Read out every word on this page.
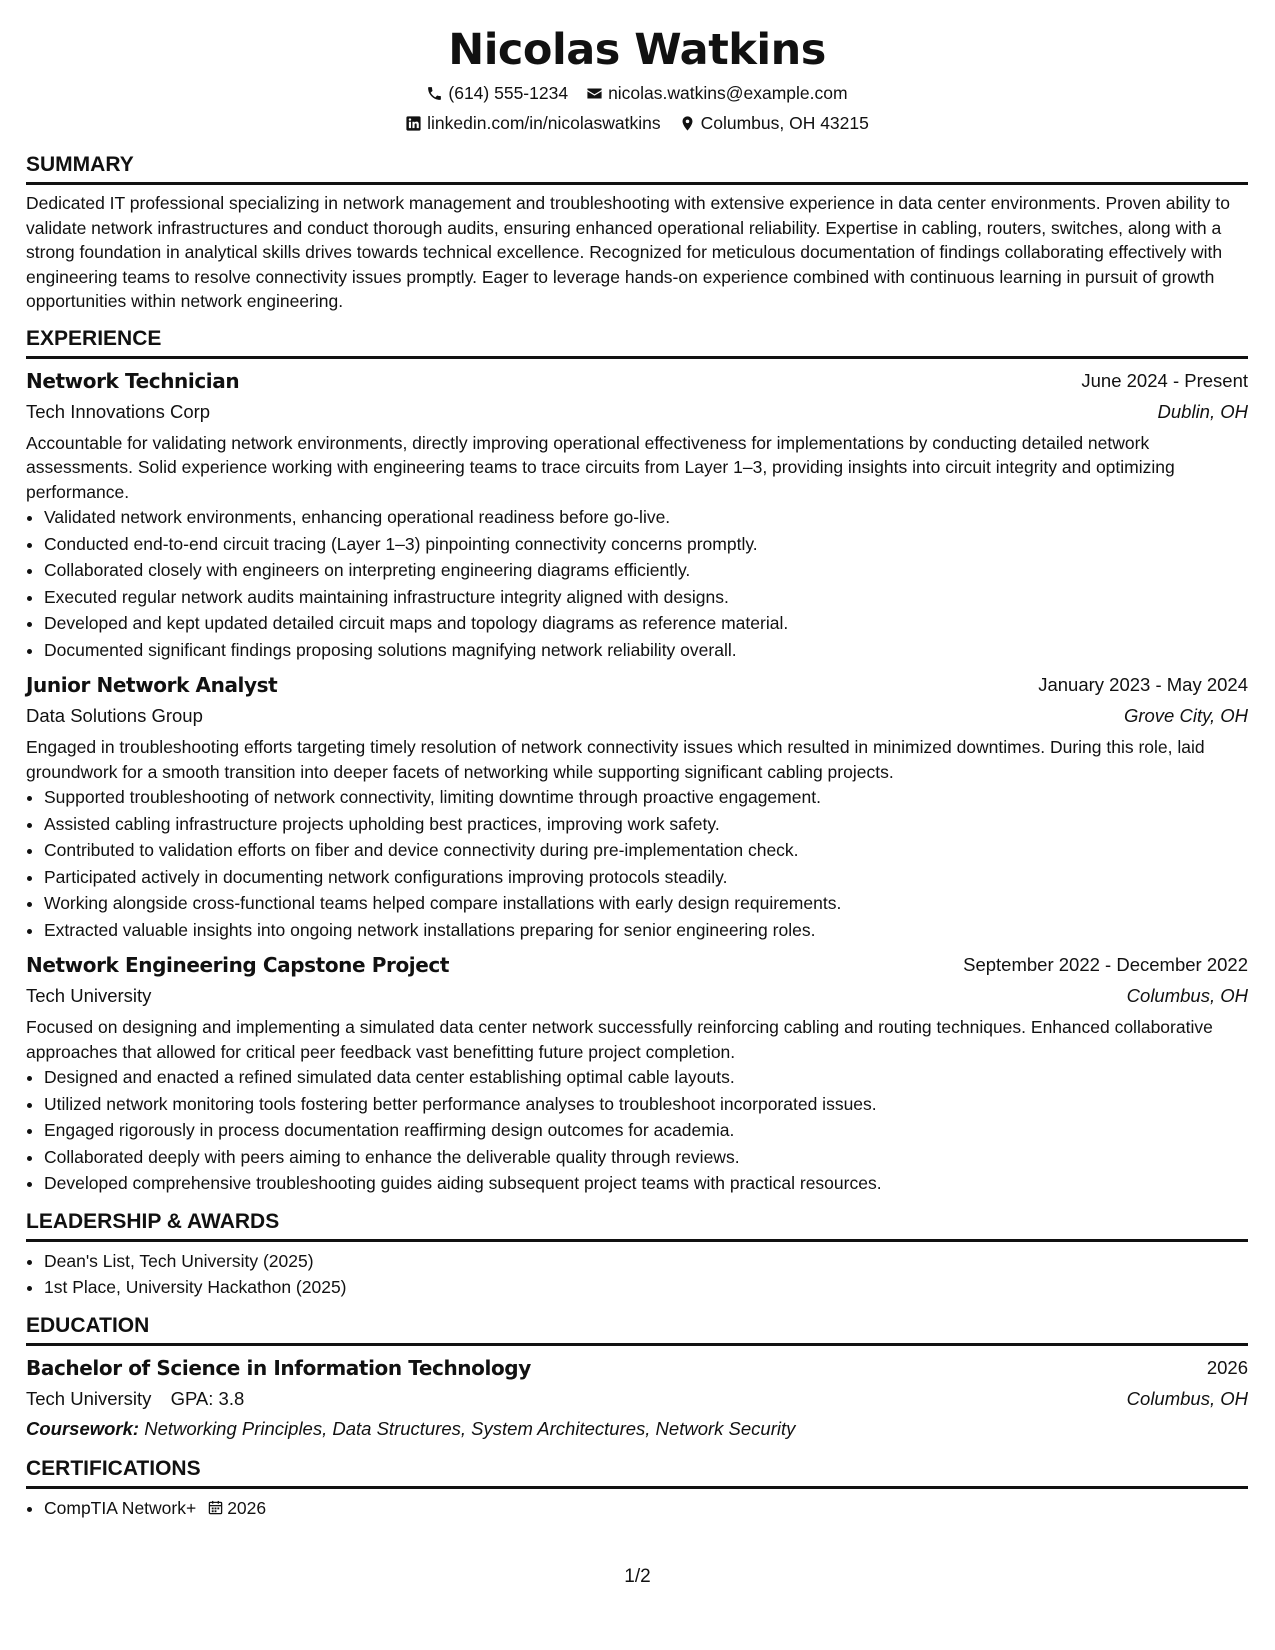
Nicolas Watkins
(614) 555-1234 nicolas.watkins@example.com
linkedin.com/in/nicolaswatkins Columbus, OH 43215
SUMMARY
Dedicated IT professional specializing in network management and troubleshooting with extensive experience in data center environments. Proven ability to validate network infrastructures and conduct thorough audits, ensuring enhanced operational reliability. Expertise in cabling, routers, switches, along with a strong foundation in analytical skills drives towards technical excellence. Recognized for meticulous documentation of findings collaborating effectively with engineering teams to resolve connectivity issues promptly. Eager to leverage hands-on experience combined with continuous learning in pursuit of growth opportunities within network engineering.
EXPERIENCE
Network Technician	June 2024 - Present
Tech Innovations Corp	Dublin, OH
Accountable for validating network environments, directly improving operational effectiveness for implementations by conducting detailed network assessments. Solid experience working with engineering teams to trace circuits from Layer 1–3, providing insights into circuit integrity and optimizing performance.
• Validated network environments, enhancing operational readiness before go-live.
• Conducted end-to-end circuit tracing (Layer 1–3) pinpointing connectivity concerns promptly.
• Collaborated closely with engineers on interpreting engineering diagrams efficiently.
• Executed regular network audits maintaining infrastructure integrity aligned with designs.
• Developed and kept updated detailed circuit maps and topology diagrams as reference material.
• Documented significant findings proposing solutions magnifying network reliability overall.
Junior Network Analyst	January 2023 - May 2024
Data Solutions Group	Grove City, OH
Engaged in troubleshooting efforts targeting timely resolution of network connectivity issues which resulted in minimized downtimes. During this role, laid groundwork for a smooth transition into deeper facets of networking while supporting significant cabling projects.
• Supported troubleshooting of network connectivity, limiting downtime through proactive engagement.
• Assisted cabling infrastructure projects upholding best practices, improving work safety.
• Contributed to validation efforts on fiber and device connectivity during pre-implementation check.
• Participated actively in documenting network configurations improving protocols steadily.
• Working alongside cross-functional teams helped compare installations with early design requirements.
• Extracted valuable insights into ongoing network installations preparing for senior engineering roles.
Network Engineering Capstone Project	September 2022 - December 2022
Tech University	Columbus, OH
Focused on designing and implementing a simulated data center network successfully reinforcing cabling and routing techniques. Enhanced collaborative approaches that allowed for critical peer feedback vast benefitting future project completion.
• Designed and enacted a refined simulated data center establishing optimal cable layouts.
• Utilized network monitoring tools fostering better performance analyses to troubleshoot incorporated issues.
• Engaged rigorously in process documentation reaffirming design outcomes for academia.
• Collaborated deeply with peers aiming to enhance the deliverable quality through reviews.
• Developed comprehensive troubleshooting guides aiding subsequent project teams with practical resources.
LEADERSHIP & AWARDS
• Dean's List, Tech University (2025)
• 1st Place, University Hackathon (2025)
EDUCATION
Bachelor of Science in Information Technology	2026
Tech University GPA: 3.8	Columbus, OH
Coursework: Networking Principles, Data Structures, System Architectures, Network Security
CERTIFICATIONS
• CompTIA Network+ 2026
1/2
